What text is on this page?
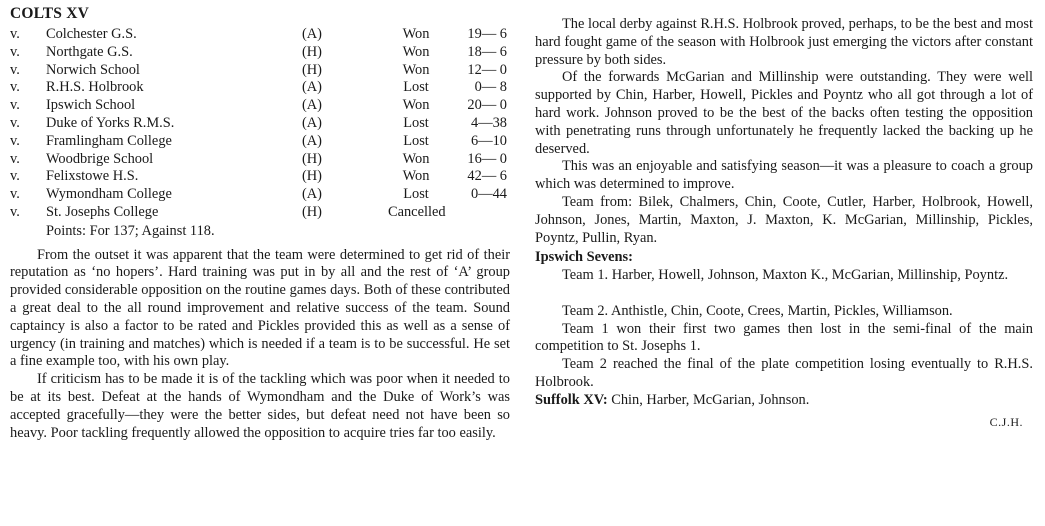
COLTS XV
v. Colchester G.S.	(A)	Won	19— 6
v. Northgate G.S.	(H)	Won	18— 6
v. Norwich School	(H)	Won	12— 0
v. R.H.S. Holbrook	(A)	Lost	0— 8
v. Ipswich School	(A)	Won	20— 0
v. Duke of Yorks R.M.S.	(A)	Lost	4—38
v. Framlingham College	(A)	Lost	6—10
v. Woodbrige School	(H)	Won	16— 0
v. Felixstowe H.S.	(H)	Won	42— 6
v. Wymondham College	(A)	Lost	0—44
v. St. Josephs College	(H)	Cancelled
Points: For 137; Against 118.

From the outset it was apparent that the team were determined to get rid of their reputation as ‘no hopers’. Hard training was put in by all and the rest of ‘A’ group provided considerable opposition on the routine games days. Both of these contributed a great deal to the all round improvement and relative success of the team. Sound captaincy is also a factor to be rated and Pickles provided this as well as a sense of urgency (in training and matches) which is needed if a team is to be successful. He set a fine example too, with his own play.

If criticism has to be made it is of the tackling which was poor when it needed to be at its best. Defeat at the hands of Wymondham and the Duke of Work’s was accepted gracefully—they were the better sides, but defeat need not have been so heavy. Poor tackling frequently allowed the opposition to acquire tries far too easily.

The local derby against R.H.S. Holbrook proved, perhaps, to be the best and most hard fought game of the season with Holbrook just emerging the victors after constant pressure by both sides.

Of the forwards McGarian and Millinship were outstanding. They were well supported by Chin, Harber, Howell, Pickles and Poyntz who all got through a lot of hard work. Johnson proved to be the best of the backs often testing the opposition with penetrating runs through unfortunately he frequently lacked the backing up he deserved.

This was an enjoyable and satisfying season—it was a pleasure to coach a group which was determined to improve.

Team from: Bilek, Chalmers, Chin, Coote, Cutler, Harber, Holbrook, Howell, Johnson, Jones, Martin, Maxton, J. Maxton, K. McGarian, Millinship, Pickles, Poyntz, Pullin, Ryan.

Ipswich Sevens:

Team 1. Harber, Howell, Johnson, Maxton K., McGarian, Millinship, Poyntz.

Team 2. Anthistle, Chin, Coote, Crees, Martin, Pickles, Williamson.

Team 1 won their first two games then lost in the semi-final of the main competition to St. Josephs 1.

Team 2 reached the final of the plate competition losing eventually to R.H.S. Holbrook.

Suffolk XV: Chin, Harber, McGarian, Johnson.

C.J.H.
